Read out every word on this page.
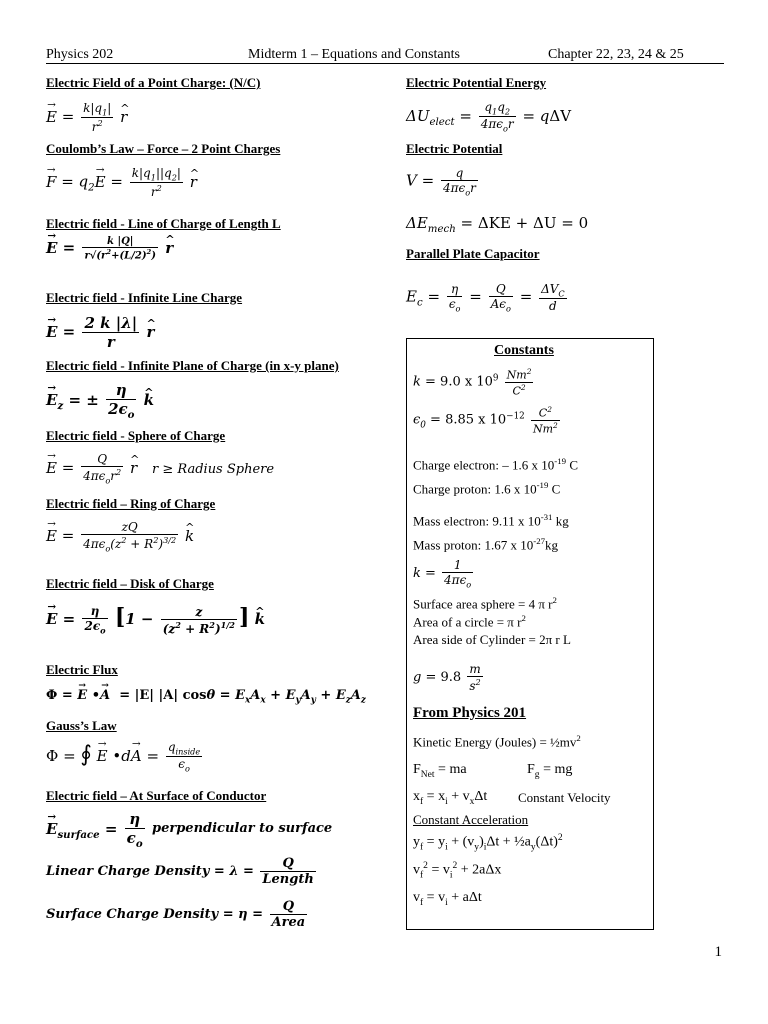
Physics 202	Midterm 1 – Equations and Constants	Chapter 22, 23, 24 & 25
Electric Field of a Point Charge: (N/C)
→ $E = \frac{k|q_1|}{r^2}$ ^ r
Coulomb’s Law – Force – 2 Point Charges
→ $F = q_2\to E = \frac{k|q_1||q_2|}{r^2}$ ^ r
Electric field - Line of Charge of Length L
→ $E = \frac{k |Q|}{r√(r^2+(L/2)^2)}$ ^ r
Electric field - Infinite Line Charge
→ $E = \frac{2 k |\lambda|}{r}$ ^ r
Electric field - Infinite Plane of Charge (in x-y plane)
→ $E_z$ = ± $\frac{\eta}{2\epsilon_o}$ ^ k
Electric field - Sphere of Charge
→ $E = \frac{Q}{4\pi\epsilon_or^2}$ ^ r r ≥ Radius Sphere
Electric field – Ring of Charge
→ $E = \frac{zQ}{4\pi\epsilon_o(z^2 + R^2)^{3/2}}$ ^ k
Electric field – Disk of Charge
→ $E = \frac{\eta}{2\epsilon_o} [1 - \frac{z}{(z^2 + R^2)^{1/2}}$ ] ^ k
Electric Flux
Φ = → E •→ A  = |E| |A| $\cos\theta = E_xA_x + E_yA_y + E_zA_z$
Gauss’s Law
Φ = ∮ → E •d→ $A = \frac{q_{inside}}{\epsilon_o}$
Electric field – At Surface of Conductor
→ $E_{surface} = \frac{\eta}{\epsilon_o}$ perpendicular to surface
Linear Charge Density = $\lambda = \frac{Q}{\text{Length}}$
Surface Charge Density = $\eta = \frac{Q}{\text{Area}}$
Electric Potential Energy
$\Delta U_{elect} = \frac{q_1q_2}{4\pi\epsilon_or} = q\Delta V$
Electric Potential
$V = \frac{q}{4\pi\epsilon_or}$
$\Delta E_{mech} = \Delta KE + \Delta U = 0$
Parallel Plate Capacitor
$E_c = \frac{\eta}{\epsilon_o} = \frac{Q}{A\epsilon_o} = \frac{\Delta V_C}{d}$
Constants
k = 9.0 x $10^9 \frac{Nm^2}{C^2}$
$\epsilon_0 = 8.85$ x $10^{-12} \frac{C^2}{Nm^2}$
Charge electron: – 1.6 x $10^{-19}$ C
Charge proton: 1.6 x $10^{-19}$ C
Mass electron: 9.11 x $10^{-31}$ kg
Mass proton: 1.67 x $10^{-27}kg$
$k = \frac{1}{4\pi\epsilon_o}$
Surface area sphere = 4 π $r^2$
Area of a circle = π $r^2$
Area side of Cylinder = 2π r L
$g = 9.8 \frac{m}{s^2}$
From Physics 201
Kinetic Energy (Joules) = $\frac{1}{2}mv^2$
$F_{Net}$ = ma	$F_g$ = mg
$x_f = x_i + v_x\Delta t$ Constant Velocity
Constant Acceleration
$y_f = y_i + (v_y)_i\Delta t$ + $\frac{1}{2}a_y(\Delta t)^2$
$v_f^2 = v_i^2 + 2a\Delta x$
$v_f = v_i + a\Delta t$
1
